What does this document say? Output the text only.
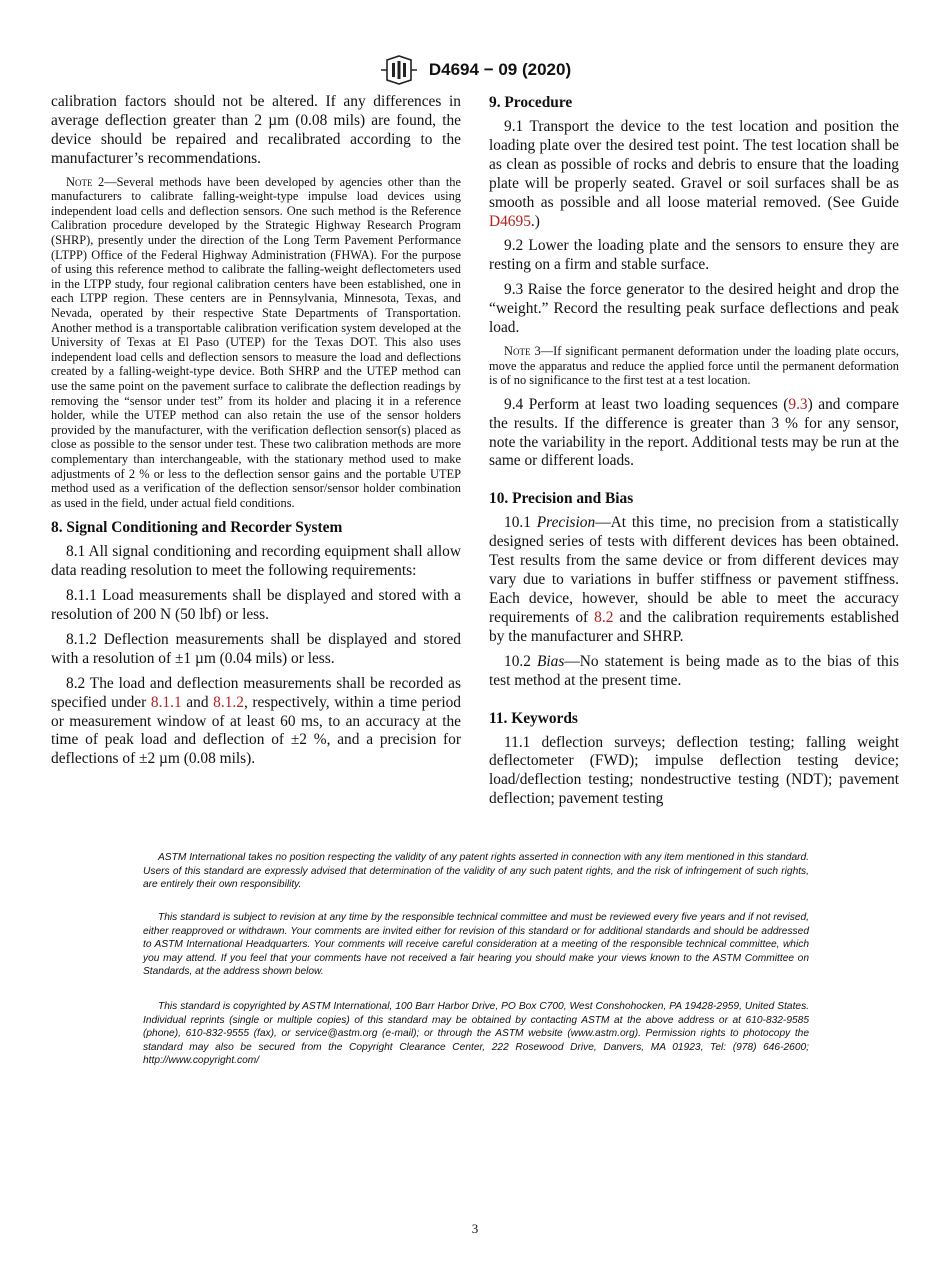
D4694 − 09 (2020)

calibration factors should not be altered. If any differences in average deflection greater than 2 µm (0.08 mils) are found, the device should be repaired and recalibrated according to the manufacturer’s recommendations.

Note 2—Several methods have been developed by agencies other than the manufacturers to calibrate falling-weight-type impulse load devices using independent load cells and deflection sensors. One such method is the Reference Calibration procedure developed by the Strategic Highway Research Program (SHRP), presently under the direction of the Long Term Pavement Performance (LTPP) Office of the Federal Highway Administration (FHWA). For the purpose of using this reference method to calibrate the falling-weight deflectometers used in the LTPP study, four regional calibration centers have been established, one in each LTPP region. These centers are in Pennsylvania, Minnesota, Texas, and Nevada, operated by their respective State Departments of Transportation. Another method is a transportable calibration verification system developed at the University of Texas at El Paso (UTEP) for the Texas DOT. This also uses independent load cells and deflection sensors to measure the load and deflections created by a falling-weight-type device. Both SHRP and the UTEP method can use the same point on the pavement surface to calibrate the deflection readings by removing the “sensor under test” from its holder and placing it in a reference holder, while the UTEP method can also retain the use of the sensor holders provided by the manufacturer, with the verification deflection sensor(s) placed as close as possible to the sensor under test. These two calibration methods are more complementary than interchangeable, with the stationary method used to make adjustments of 2 % or less to the deflection sensor gains and the portable UTEP method used as a verification of the deflection sensor/sensor holder combination as used in the field, under actual field conditions.
8. Signal Conditioning and Recorder System

8.1 All signal conditioning and recording equipment shall allow data reading resolution to meet the following requirements:

8.1.1 Load measurements shall be displayed and stored with a resolution of 200 N (50 lbf) or less.

8.1.2 Deflection measurements shall be displayed and stored with a resolution of ±1 µm (0.04 mils) or less.

8.2 The load and deflection measurements shall be recorded as specified under 8.1.1 and 8.1.2, respectively, within a time period or measurement window of at least 60 ms, to an accuracy at the time of peak load and deflection of ±2 %, and a precision for deflections of ±2 µm (0.08 mils).

9. Procedure

9.1 Transport the device to the test location and position the loading plate over the desired test point. The test location shall be as clean as possible of rocks and debris to ensure that the loading plate will be properly seated. Gravel or soil surfaces shall be as smooth as possible and all loose material removed. (See Guide D4695.)

9.2 Lower the loading plate and the sensors to ensure they are resting on a firm and stable surface.

9.3 Raise the force generator to the desired height and drop the “weight.” Record the resulting peak surface deflections and peak load.

Note 3—If significant permanent deformation under the loading plate occurs, move the apparatus and reduce the applied force until the permanent deformation is of no significance to the first test at a test location.

9.4 Perform at least two loading sequences (9.3) and compare the results. If the difference is greater than 3 % for any sensor, note the variability in the report. Additional tests may be run at the same or different loads.

10. Precision and Bias

10.1 Precision—At this time, no precision from a statistically designed series of tests with different devices has been obtained. Test results from the same device or from different devices may vary due to variations in buffer stiffness or pavement stiffness. Each device, however, should be able to meet the accuracy requirements of 8.2 and the calibration requirements established by the manufacturer and SHRP.

10.2 Bias—No statement is being made as to the bias of this test method at the present time.

11. Keywords

11.1 deflection surveys; deflection testing; falling weight deflectometer (FWD); impulse deflection testing device; load/deflection testing; nondestructive testing (NDT); pavement deflection; pavement testing

ASTM International takes no position respecting the validity of any patent rights asserted in connection with any item mentioned in this standard. Users of this standard are expressly advised that determination of the validity of any such patent rights, and the risk of infringement of such rights, are entirely their own responsibility.

This standard is subject to revision at any time by the responsible technical committee and must be reviewed every five years and if not revised, either reapproved or withdrawn. Your comments are invited either for revision of this standard or for additional standards and should be addressed to ASTM International Headquarters. Your comments will receive careful consideration at a meeting of the responsible technical committee, which you may attend. If you feel that your comments have not received a fair hearing you should make your views known to the ASTM Committee on Standards, at the address shown below.

This standard is copyrighted by ASTM International, 100 Barr Harbor Drive, PO Box C700, West Conshohocken, PA 19428-2959, United States. Individual reprints (single or multiple copies) of this standard may be obtained by contacting ASTM at the above address or at 610-832-9585 (phone), 610-832-9555 (fax), or service@astm.org (e-mail); or through the ASTM website (www.astm.org). Permission rights to photocopy the standard may also be secured from the Copyright Clearance Center, 222 Rosewood Drive, Danvers, MA 01923, Tel: (978) 646-2600; http://www.copyright.com/

3
